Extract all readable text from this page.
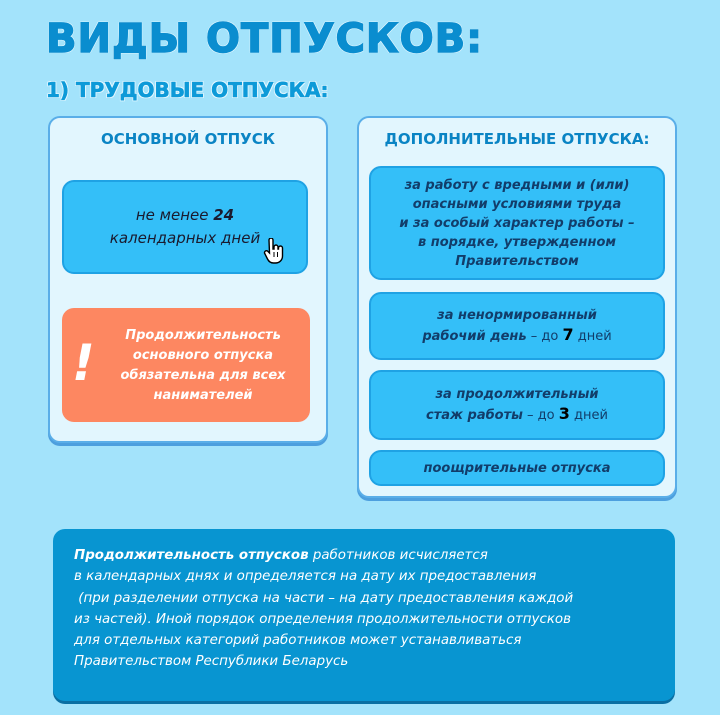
ВИДЫ ОТПУСКОВ:
1) ТРУДОВЫЕ ОТПУСКА:
ОСНОВНОЙ ОТПУСК
не менее 24
календарных дней
!	Продолжительность
основного отпуска
обязательна для всех
нанимателей
ДОПОЛНИТЕЛЬНЫЕ ОТПУСКА:
за работу с вредными и (или)
опасными условиями труда
и за особый характер работы –
в порядке, утвержденном
Правительством
за ненормированный
рабочий день – до 7 дней
за продолжительный
стаж работы – до 3 дней
поощрительные отпуска
Продолжительность отпусков работников исчисляется
в календарных днях и определяется на дату их предоставления
(при разделении отпуска на части – на дату предоставления каждой
из частей). Иной порядок определения продолжительности отпусков
для отдельных категорий работников может устанавливаться
Правительством Республики Беларусь
